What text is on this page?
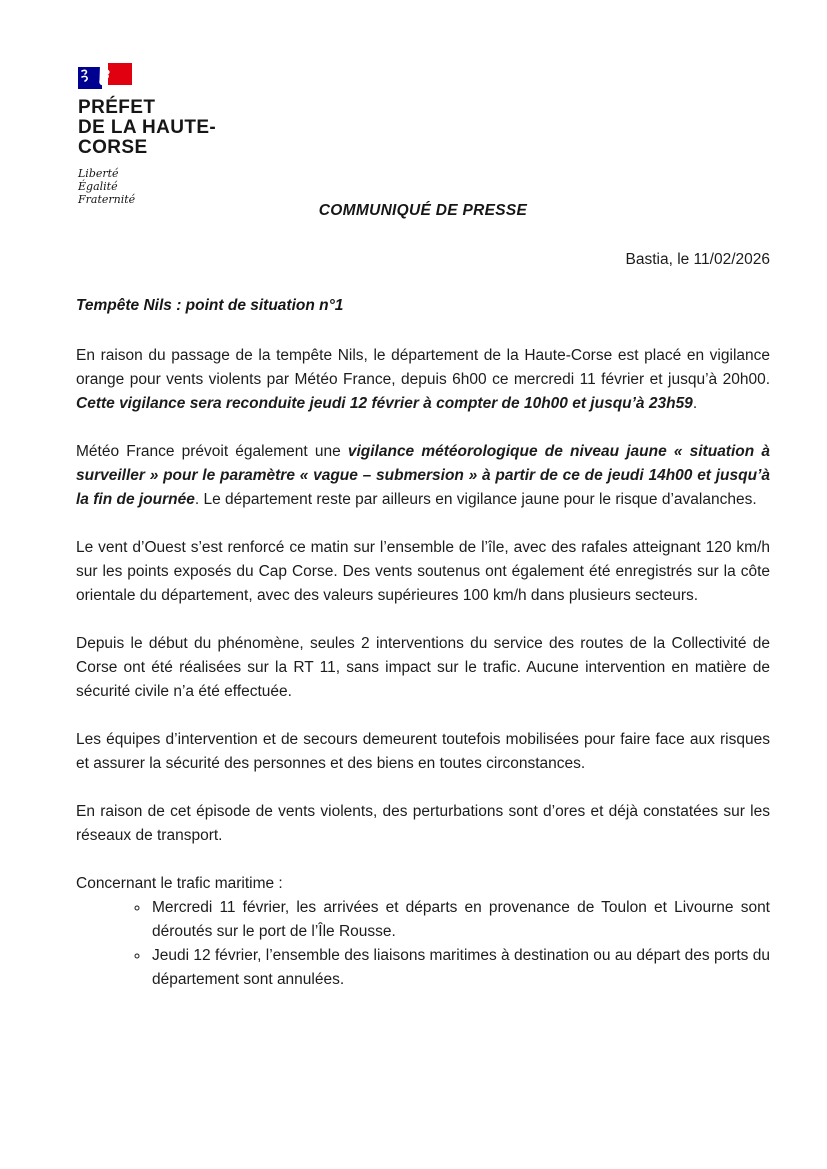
PRÉFET
DE LA HAUTE-
CORSE
Liberté
Égalité
Fraternité
COMMUNIQUÉ DE PRESSE
Bastia, le 11/02/2026
Tempête Nils : point de situation n°1

En raison du passage de la tempête Nils, le département de la Haute-Corse est placé en vigilance orange pour vents violents par Météo France, depuis 6h00 ce mercredi 11 février et jusqu’à 20h00. Cette vigilance sera reconduite jeudi 12 février à compter de 10h00 et jusqu’à 23h59.

Météo France prévoit également une vigilance météorologique de niveau jaune « situation à surveiller » pour le paramètre « vague – submersion » à partir de ce de jeudi 14h00 et jusqu’à la fin de journée. Le département reste par ailleurs en vigilance jaune pour le risque d’avalanches.

Le vent d’Ouest s’est renforcé ce matin sur l’ensemble de l’île, avec des rafales atteignant 120 km/h sur les points exposés du Cap Corse. Des vents soutenus ont également été enregistrés sur la côte orientale du département, avec des valeurs supérieures 100 km/h dans plusieurs secteurs.

Depuis le début du phénomène, seules 2 interventions du service des routes de la Collectivité de Corse ont été réalisées sur la RT 11, sans impact sur le trafic. Aucune intervention en matière de sécurité civile n’a été effectuée.

Les équipes d’intervention et de secours demeurent toutefois mobilisées pour faire face aux risques et assurer la sécurité des personnes et des biens en toutes circonstances.

En raison de cet épisode de vents violents, des perturbations sont d’ores et déjà constatées sur les réseaux de transport.

Concernant le trafic maritime :

◦ Mercredi 11 février, les arrivées et départs en provenance de Toulon et Livourne sont déroutés sur le port de l’Île Rousse.
◦ Jeudi 12 février, l’ensemble des liaisons maritimes à destination ou au départ des ports du département sont annulées.
